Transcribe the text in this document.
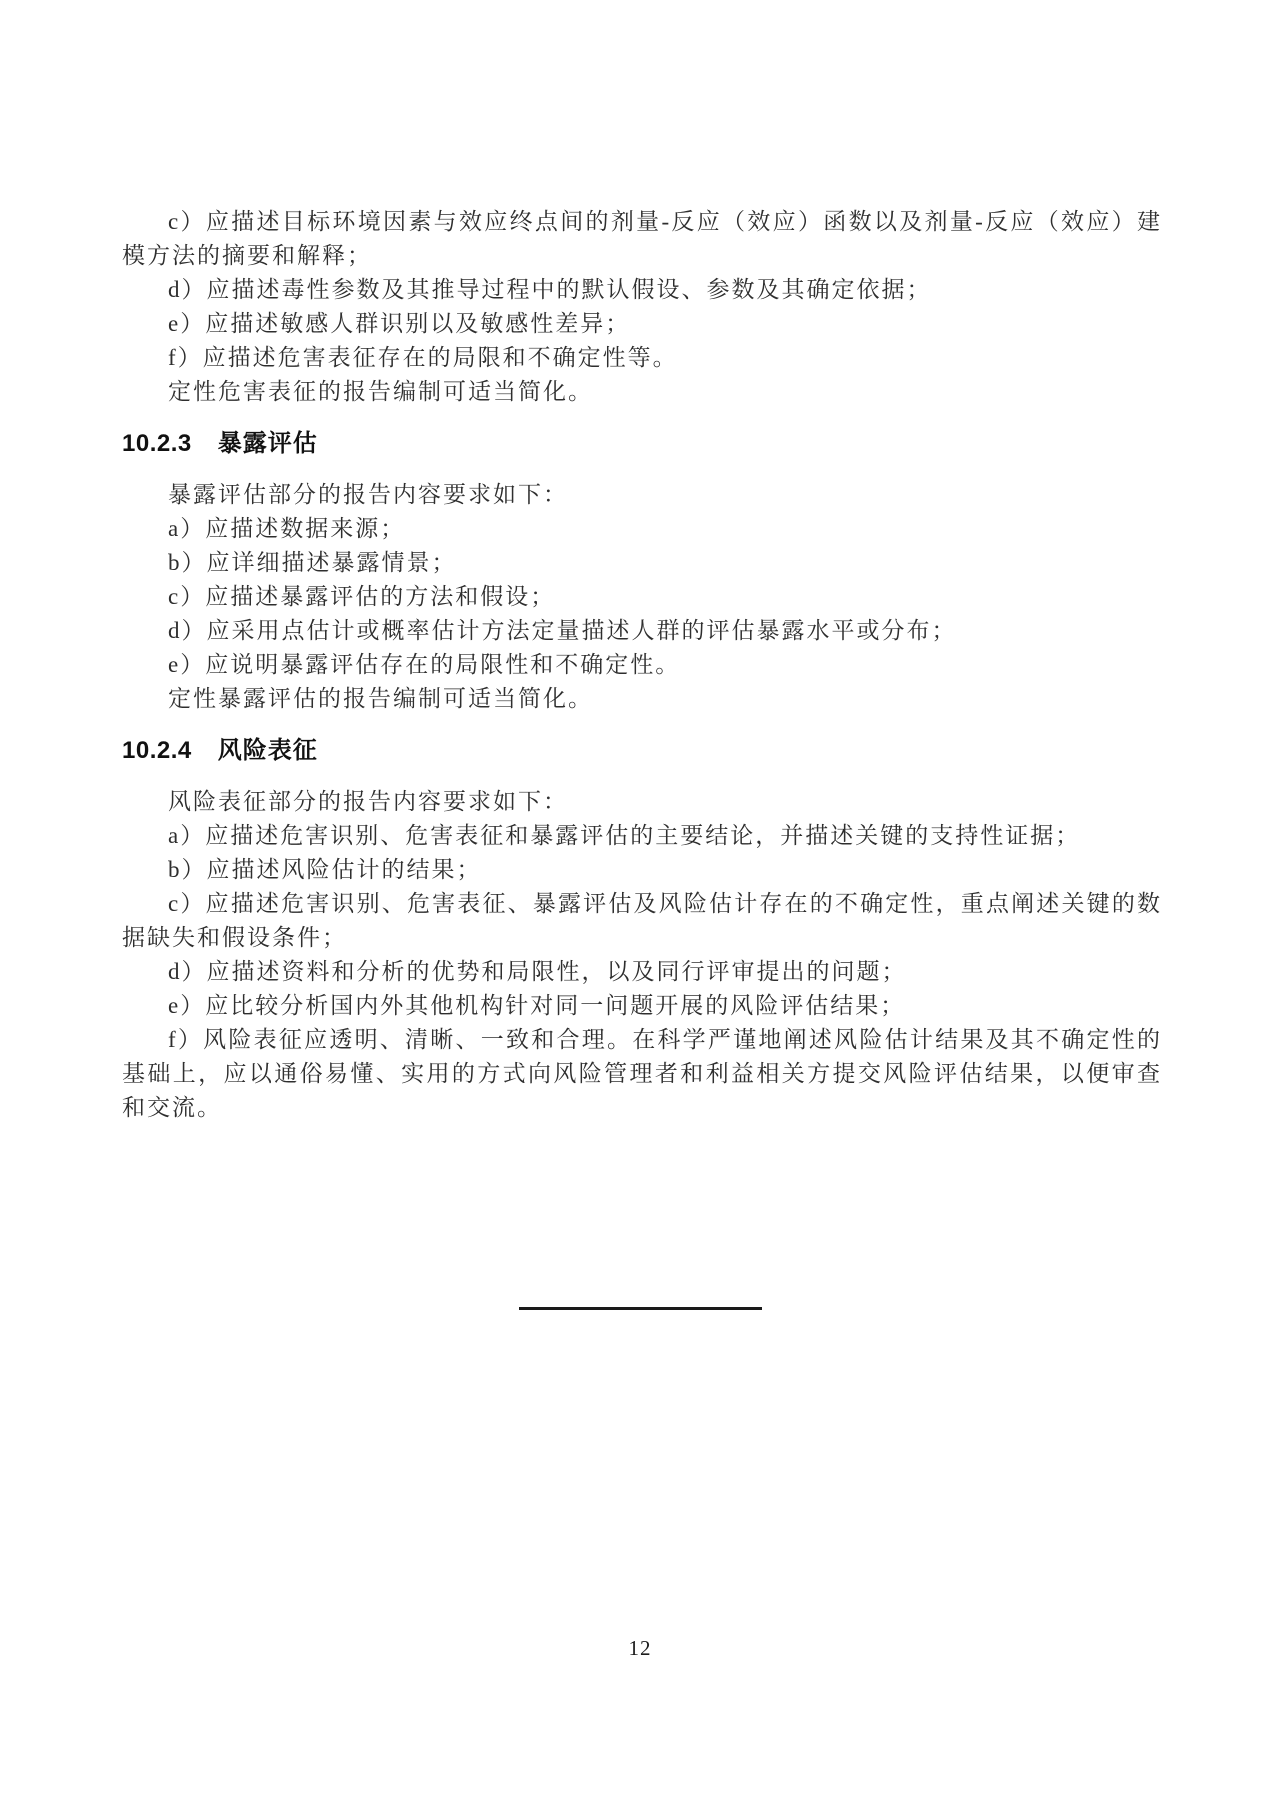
c）应描述目标环境因素与效应终点间的剂量-反应（效应）函数以及剂量-反应（效应）建模方法的摘要和解释；

d）应描述毒性参数及其推导过程中的默认假设、参数及其确定依据；

e）应描述敏感人群识别以及敏感性差异；

f）应描述危害表征存在的局限和不确定性等。

定性危害表征的报告编制可适当简化。

10.2.3 暴露评估

暴露评估部分的报告内容要求如下：

a）应描述数据来源；

b）应详细描述暴露情景；

c）应描述暴露评估的方法和假设；

d）应采用点估计或概率估计方法定量描述人群的评估暴露水平或分布；

e）应说明暴露评估存在的局限性和不确定性。

定性暴露评估的报告编制可适当简化。

10.2.4 风险表征

风险表征部分的报告内容要求如下：

a）应描述危害识别、危害表征和暴露评估的主要结论，并描述关键的支持性证据；

b）应描述风险估计的结果；

c）应描述危害识别、危害表征、暴露评估及风险估计存在的不确定性，重点阐述关键的数据缺失和假设条件；

d）应描述资料和分析的优势和局限性，以及同行评审提出的问题；

e）应比较分析国内外其他机构针对同一问题开展的风险评估结果；

f）风险表征应透明、清晰、一致和合理。在科学严谨地阐述风险估计结果及其不确定性的基础上，应以通俗易懂、实用的方式向风险管理者和利益相关方提交风险评估结果，以便审查和交流。

12
